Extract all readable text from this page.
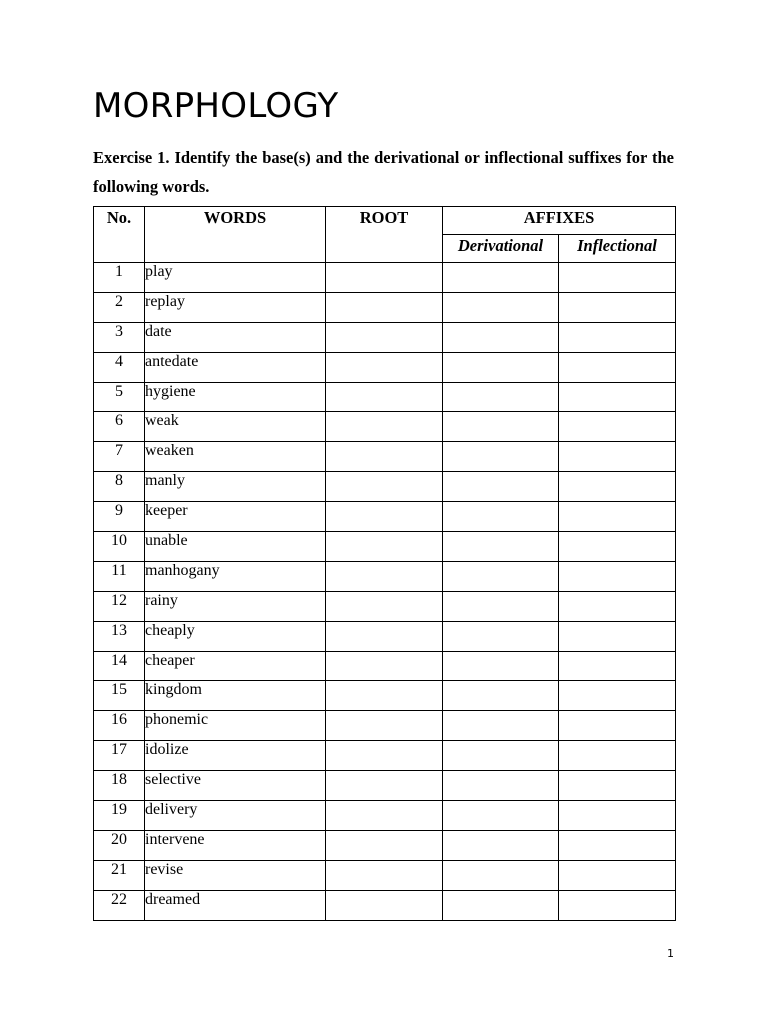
MORPHOLOGY

Exercise 1. Identify the base(s) and the derivational or inflectional suffixes for the following words.

No.	WORDS	ROOT	AFFIXES	
			Derivational	Inflectional
1	play			
2	replay			
3	date			
4	antedate			
5	hygiene			
6	weak			
7	weaken			
8	manly			
9	keeper			
10	unable			
11	manhogany			
12	rainy			
13	cheaply			
14	cheaper			
15	kingdom			
16	phonemic			
17	idolize			
18	selective			
19	delivery			
20	intervene			
21	revise			
22	dreamed			
1
